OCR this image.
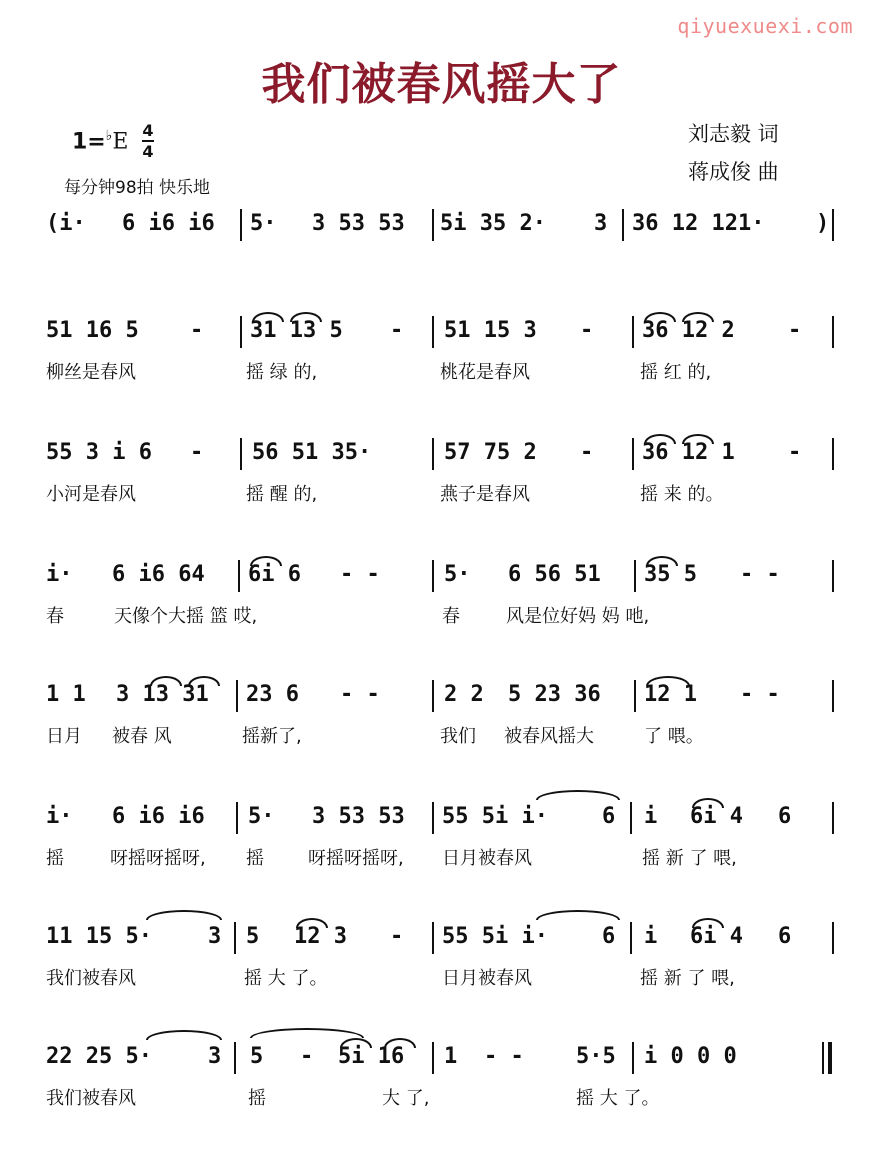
qiyuexuexi.com
我们被春风摇大了
1=♭E 4
4
每分钟98拍 快乐地
刘志毅 词
蒋成俊 曲
(i· 6 i6 i6 5· 3 53 53 5i 35 2· 3 36 12 121· )
51 16 5 - 31 13 5 - 51 15 3 - 36 12 2 -
柳丝是春风	摇 绿 的,	桃花是春风	摇 红 的,
55 3 i 6 - 56 51 35·	57 75 2 - 36 12 1 -
小河是春风	摇 醒 的,	燕子是春风	摇 来 的。
i· 6 i6 64 6i 6 - -	5· 6 56 51 35 5 - -
春	天像个大摇 篮 哎,	春	风是位好妈 妈 吔,
1 1 3 13 31 23 6 - -	2 2 5 23 36 12 1 - -
日月 被春 风	摇新了,	我们 被春风摇大	了 喂。
i· 6 i6 i6 5· 3 53 53 55 5i i· 6 i 6i 4 6
摇	呀摇呀摇呀, 摇 呀摇呀摇呀, 日月被春风	摇 新 了 喂,
11 15 5·	3 5 12 3 - 55 5i i· 6 i 6i 4 6
我们被春风	摇 大 了。	日月被春风	摇 新 了 喂,
22 25 5·	3 5 - 5i 16 1 - - 5·5 i 0 0 0
我们被春风	摇	大 了,	摇 大 了。
